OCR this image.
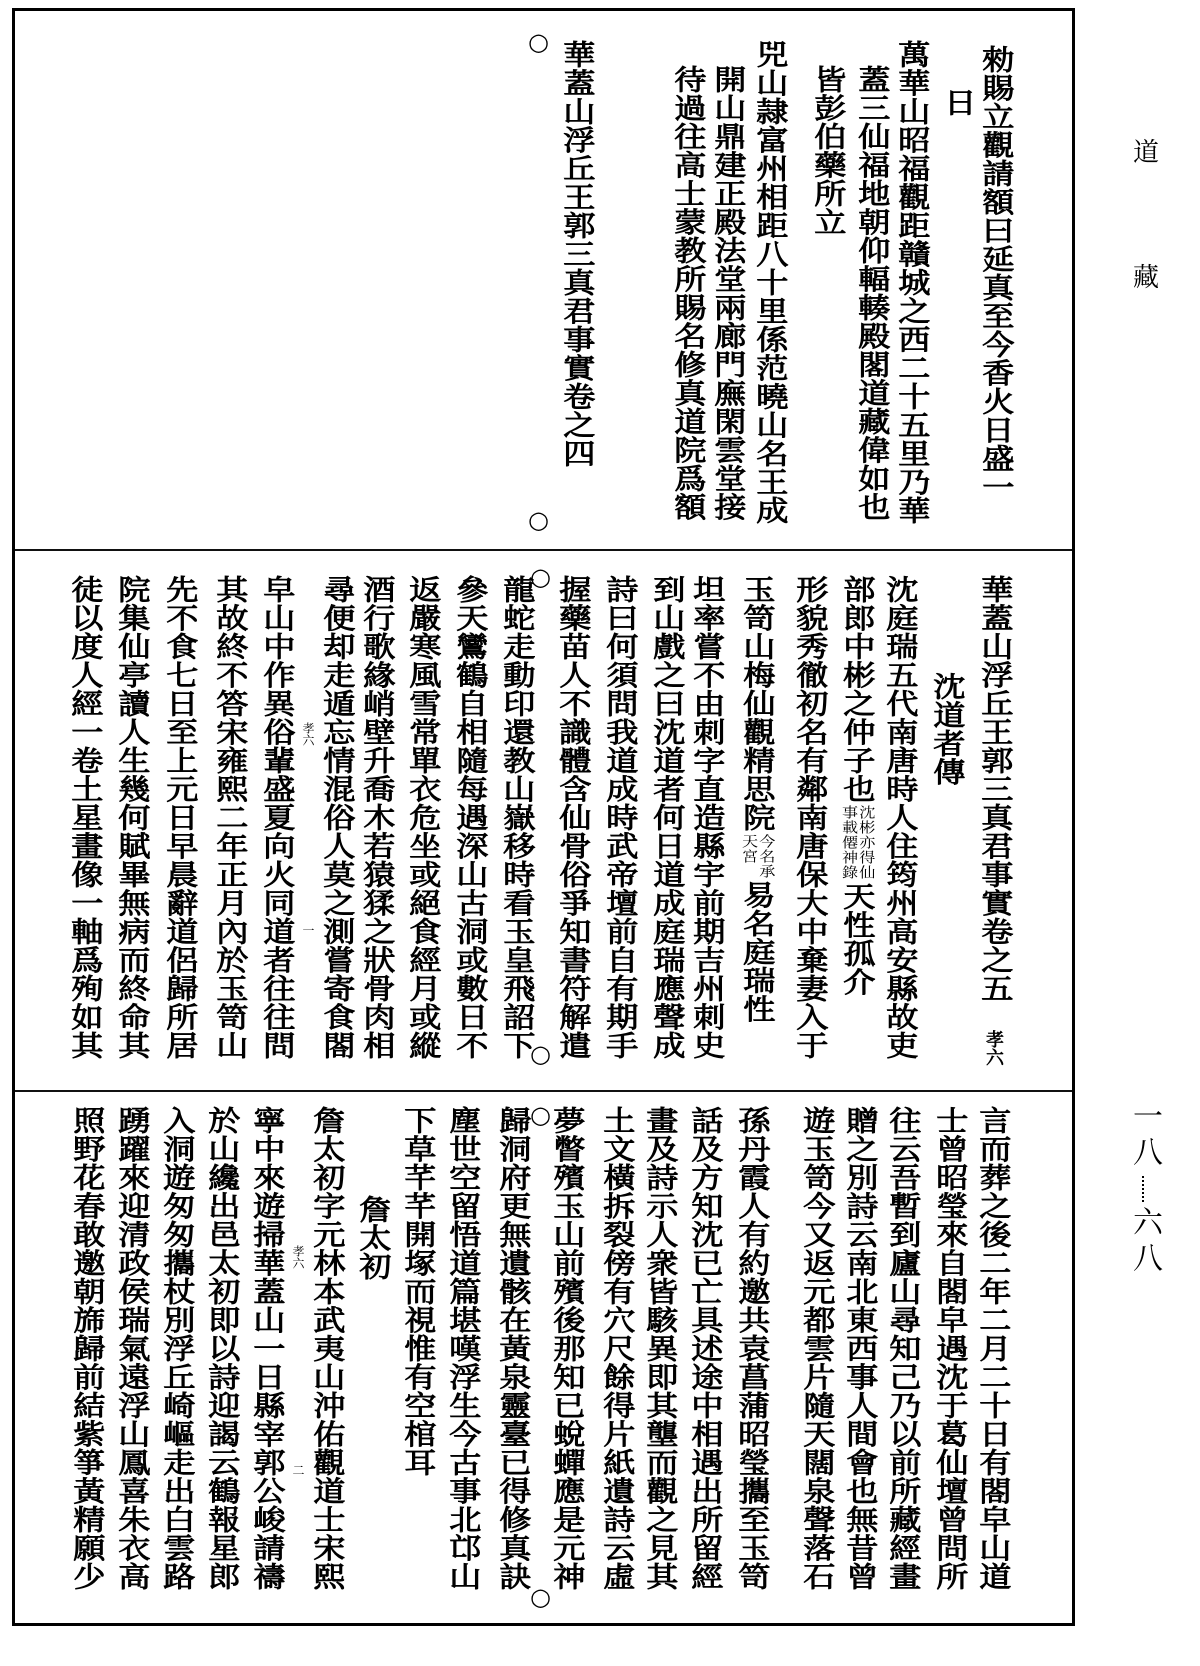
勑賜立觀請額曰延真至今香火日盛一
日
萬華山昭福觀距贛城之西二十五里乃華
蓋三仙福地朝仰輻輳殿閣道藏偉如也
皆彭伯藥所立
兕山隷富州相距八十里係范曉山名王成
開山鼎建正殿法堂兩廊門廡閑雲堂接
待過往高士蒙教所賜名修真道院爲額
華蓋山浮丘王郭三真君事實卷之四
華蓋山浮丘王郭三真君事實卷之五
沈道者傳
沈庭瑞五代南唐時人住筠州高安縣故吏
部郎中彬之仲子也
沈彬亦得仙
事載僊神錄
天性孤介
形貌秀徹初名有鄰南唐保大中棄妻入于
玉笥山梅仙觀精思院
今名承
天宮
易名庭瑞性
坦率嘗不由刺字直造縣宇前期吉州刺史
到山戲之曰沈道者何日道成庭瑞應聲成
詩曰何須問我道成時武帝壇前自有期手
握藥苗人不識體含仙骨俗爭知書符解遣
龍蛇走動印還教山嶽移時看玉皇飛詔下
參天鸞鶴自相隨每遇深山古洞或數日不
返嚴寒風雪常單衣危坐或絕食經月或縱
酒行歌緣峭壁升喬木若猿猱之狀骨肉相
尋便却走遁忘情混俗人莫之測嘗寄食閤
皁山中作異俗輩盛夏向火同道者往往問
其故終不答宋雍熙二年正月內於玉笥山
先不食七日至上元日早晨辭道侶歸所居
院集仙亭讀人生幾何賦畢無病而終命其
徒以度人經一卷土星畫像一軸爲殉如其
言而葬之後二年二月二十日有閤皁山道
士曾昭瑩來自閤皁遇沈于葛仙壇曾問所
往云吾暫到廬山尋知己乃以前所藏經畫
贈之別詩云南北東西事人間會也無昔曾
遊玉笥今又返元都雲片隨天闊泉聲落石
孫丹霞人有約邀共袁菖蒲昭瑩攜至玉笥
話及方知沈已亡具述途中相遇出所留經
畫及詩示人衆皆駭異即其壟而觀之見其
土文橫拆裂傍有穴尺餘得片紙遺詩云虛
夢瞥殯玉山前殯後那知已蛻蟬應是元神
歸洞府更無遺骸在黃泉靈臺已得修真訣
塵世空留悟道篇堪嘆浮生今古事北邙山
下草芊芊開塚而視惟有空棺耳
詹太初
詹太初字元林本武夷山沖佑觀道士宋熙
寧中來遊掃華蓋山一日縣宰郭公峻請禱
於山纔出邑太初即以詩迎謁云鶴報星郎
入洞遊匆匆攜杖別浮丘崎嶇走出白雲路
踴躍來迎清政侯瑞氣遠浮山鳳喜朱衣高
照野花春敢邀朝旆歸前結紫箏黃精願少
○
○
○
○
○
○
孝六
孝六
一
孝六
二
道
藏
一八六八
